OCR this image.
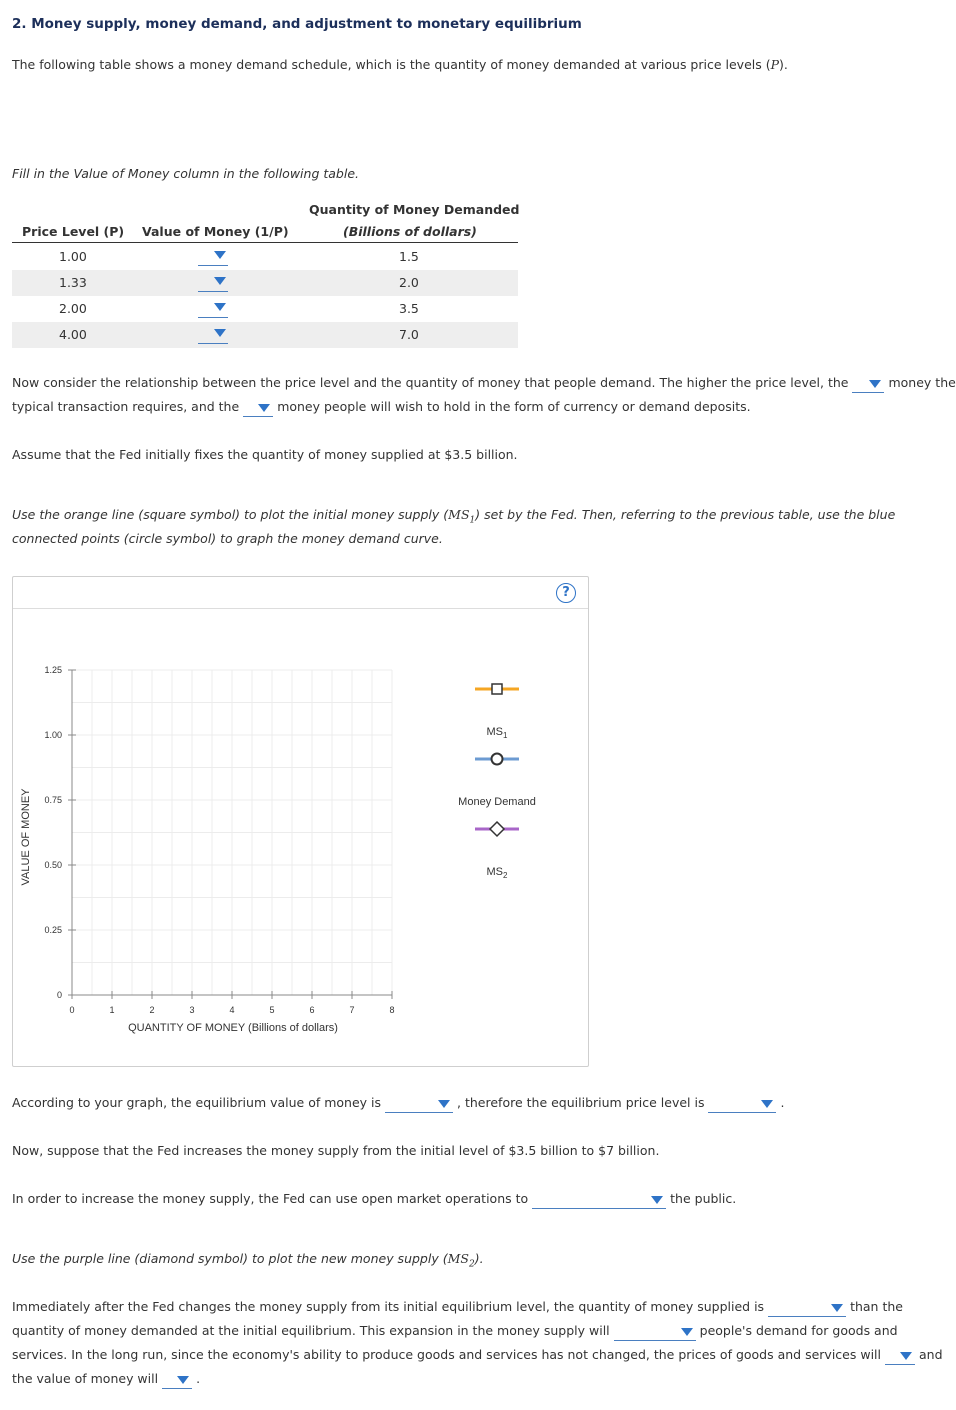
2. Money supply, money demand, and adjustment to monetary equilibrium
The following table shows a money demand schedule, which is the quantity of money demanded at various price levels (P).
Fill in the Value of Money column in the following table.
Price Level (P) Value of Money (1/P)
Quantity of Money Demanded
(Billions of dollars)
1.00	1.5
1.33	2.0
2.00	3.5
4.00	7.0
Now consider the relationship between the price level and the quantity of money that people demand. The higher the price level, the	money the
typical transaction requires, and the	money people will wish to hold in the form of currency or demand deposits.
Assume that the Fed initially fixes the quantity of money supplied at $3.5 billion.
Use the orange line (square symbol) to plot the initial money supply $(MS_1)$ set by the Fed. Then, referring to the previous table, use the blue
connected points (circle symbol) to graph the money demand curve.
?
0
0.25
0.50
0.75
1.00
1.25
0	1	2	3	4	5	6	7	8
$MS_1$
Money Demand
$MS_2$
VALUE OF MONEY
QUANTITY OF MONEY (Billions of dollars)
According to your graph, the equilibrium value of money is	, therefore the equilibrium price level is	.
Now, suppose that the Fed increases the money supply from the initial level of $3.5 billion to $7 billion.
In order to increase the money supply, the Fed can use open market operations to	the public.
Use the purple line (diamond symbol) to plot the new money supply $(MS_2)$.
Immediately after the Fed changes the money supply from its initial equilibrium level, the quantity of money supplied is	than the
quantity of money demanded at the initial equilibrium. This expansion in the money supply will	people's demand for goods and
services. In the long run, since the economy's ability to produce goods and services has not changed, the prices of goods and services will	and
the value of money will	.
